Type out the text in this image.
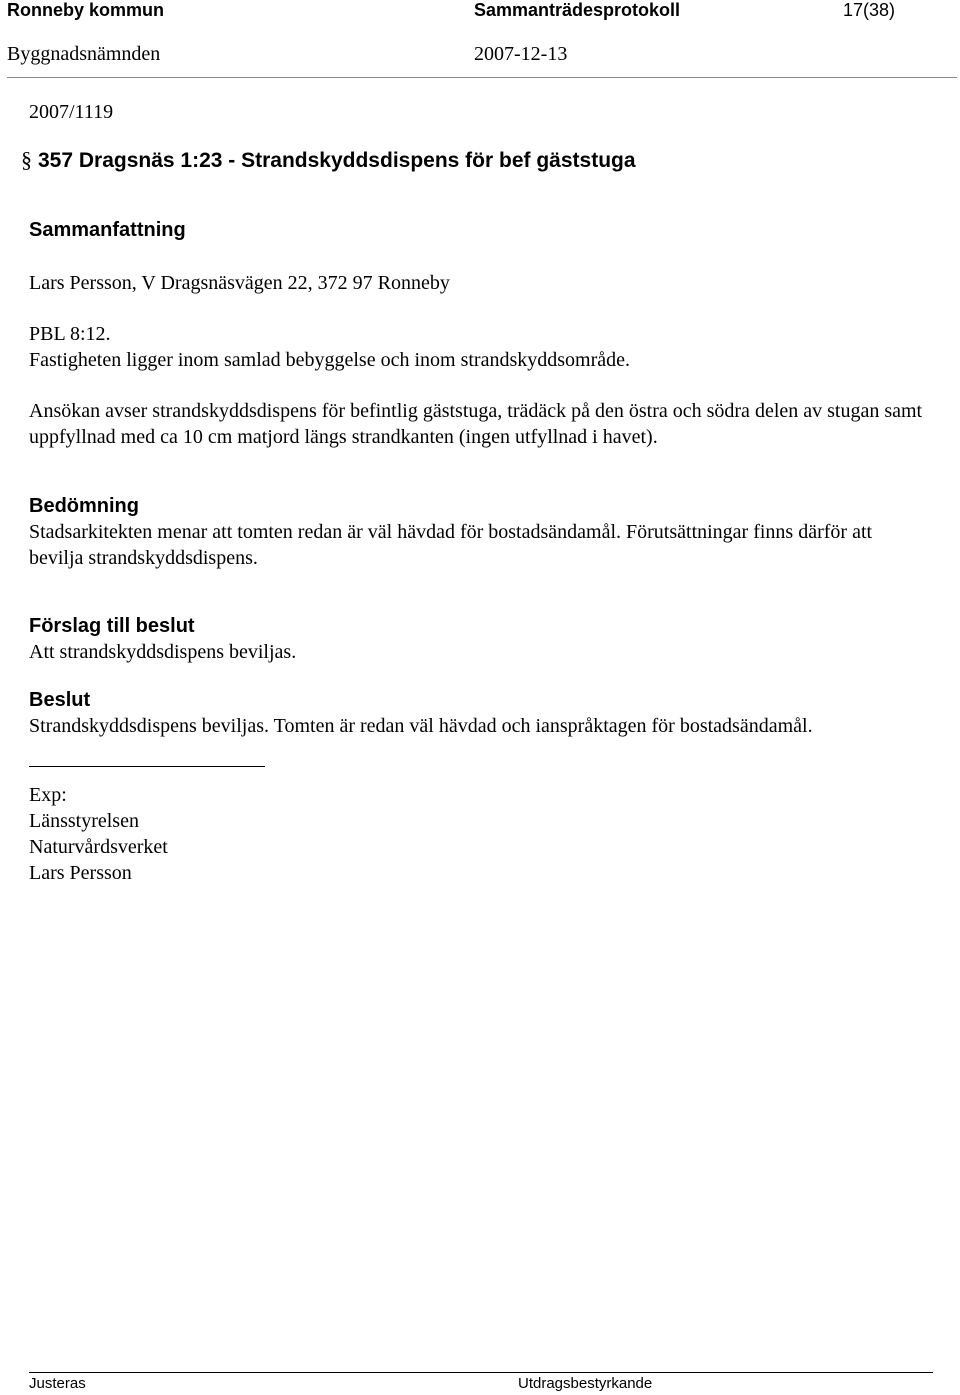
Ronneby kommun	Sammanträdesprotokoll	17(38)
Byggnadsnämnden	2007-12-13

2007/1119

§ 357 Dragsnäs 1:23 - Strandskyddsdispens för bef gäststuga

Sammanfattning

Lars Persson, V Dragsnäsvägen 22, 372 97 Ronneby

PBL 8:12.

Fastigheten ligger inom samlad bebyggelse och inom strandskyddsområde.

Ansökan avser strandskyddsdispens för befintlig gäststuga, trädäck på den östra och södra delen av stugan samt uppfyllnad med ca 10 cm matjord längs strandkanten (ingen utfyllnad i havet).

Bedömning

Stadsarkitekten menar att tomten redan är väl hävdad för bostadsändamål. Förutsättningar finns därför att bevilja strandskyddsdispens.

Förslag till beslut

Att strandskyddsdispens beviljas.

Beslut

Strandskyddsdispens beviljas. Tomten är redan väl hävdad och ianspråktagen för bostadsändamål.

Exp:

Länsstyrelsen

Naturvårdsverket

Lars Persson

Justeras	Utdragsbestyrkande
